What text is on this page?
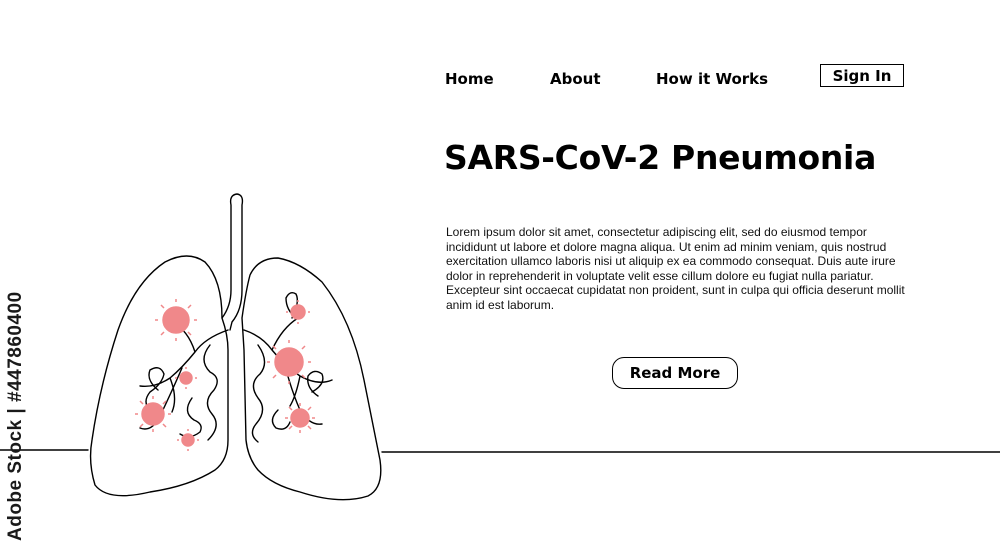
Home	About	How it Works	Sign In
SARS-CoV-2 Pneumonia

Lorem ipsum dolor sit amet, consectetur adipiscing elit, sed do eiusmod tempor incididunt ut labore et dolore magna aliqua. Ut enim ad minim veniam, quis nostrud exercitation ullamco laboris nisi ut aliquip ex ea commodo consequat. Duis aute irure dolor in reprehenderit in voluptate velit esse cillum dolore eu fugiat nulla pariatur. Excepteur sint occaecat cupidatat non proident, sunt in culpa qui officia deserunt mollit anim id est laborum.

Read More
Adobe Stock | #447860400
